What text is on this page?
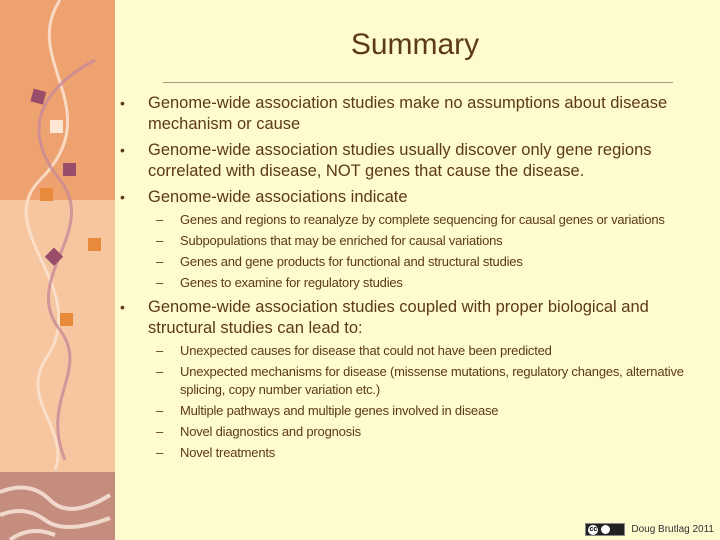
Summary
• Genome-wide association studies make no assumptions about disease mechanism or cause
• Genome-wide association studies usually discover only gene regions correlated with disease, NOT genes that cause the disease.
• Genome-wide associations indicate
– Genes and regions to reanalyze by complete sequencing for causal genes or variations
– Subpopulations that may be enriched for causal variations
– Genes and gene products for functional and structural studies
– Genes to examine for regulatory studies
• Genome-wide association studies coupled with proper biological and structural studies can lead to:
– Unexpected causes for disease that could not have been predicted
– Unexpected mechanisms for disease (missense mutations, regulatory changes, alternative splicing, copy number variation etc.)
– Multiple pathways and multiple genes involved in disease
– Novel diagnostics and prognosis
– Novel treatments
cc	Doug Brutlag 2011
